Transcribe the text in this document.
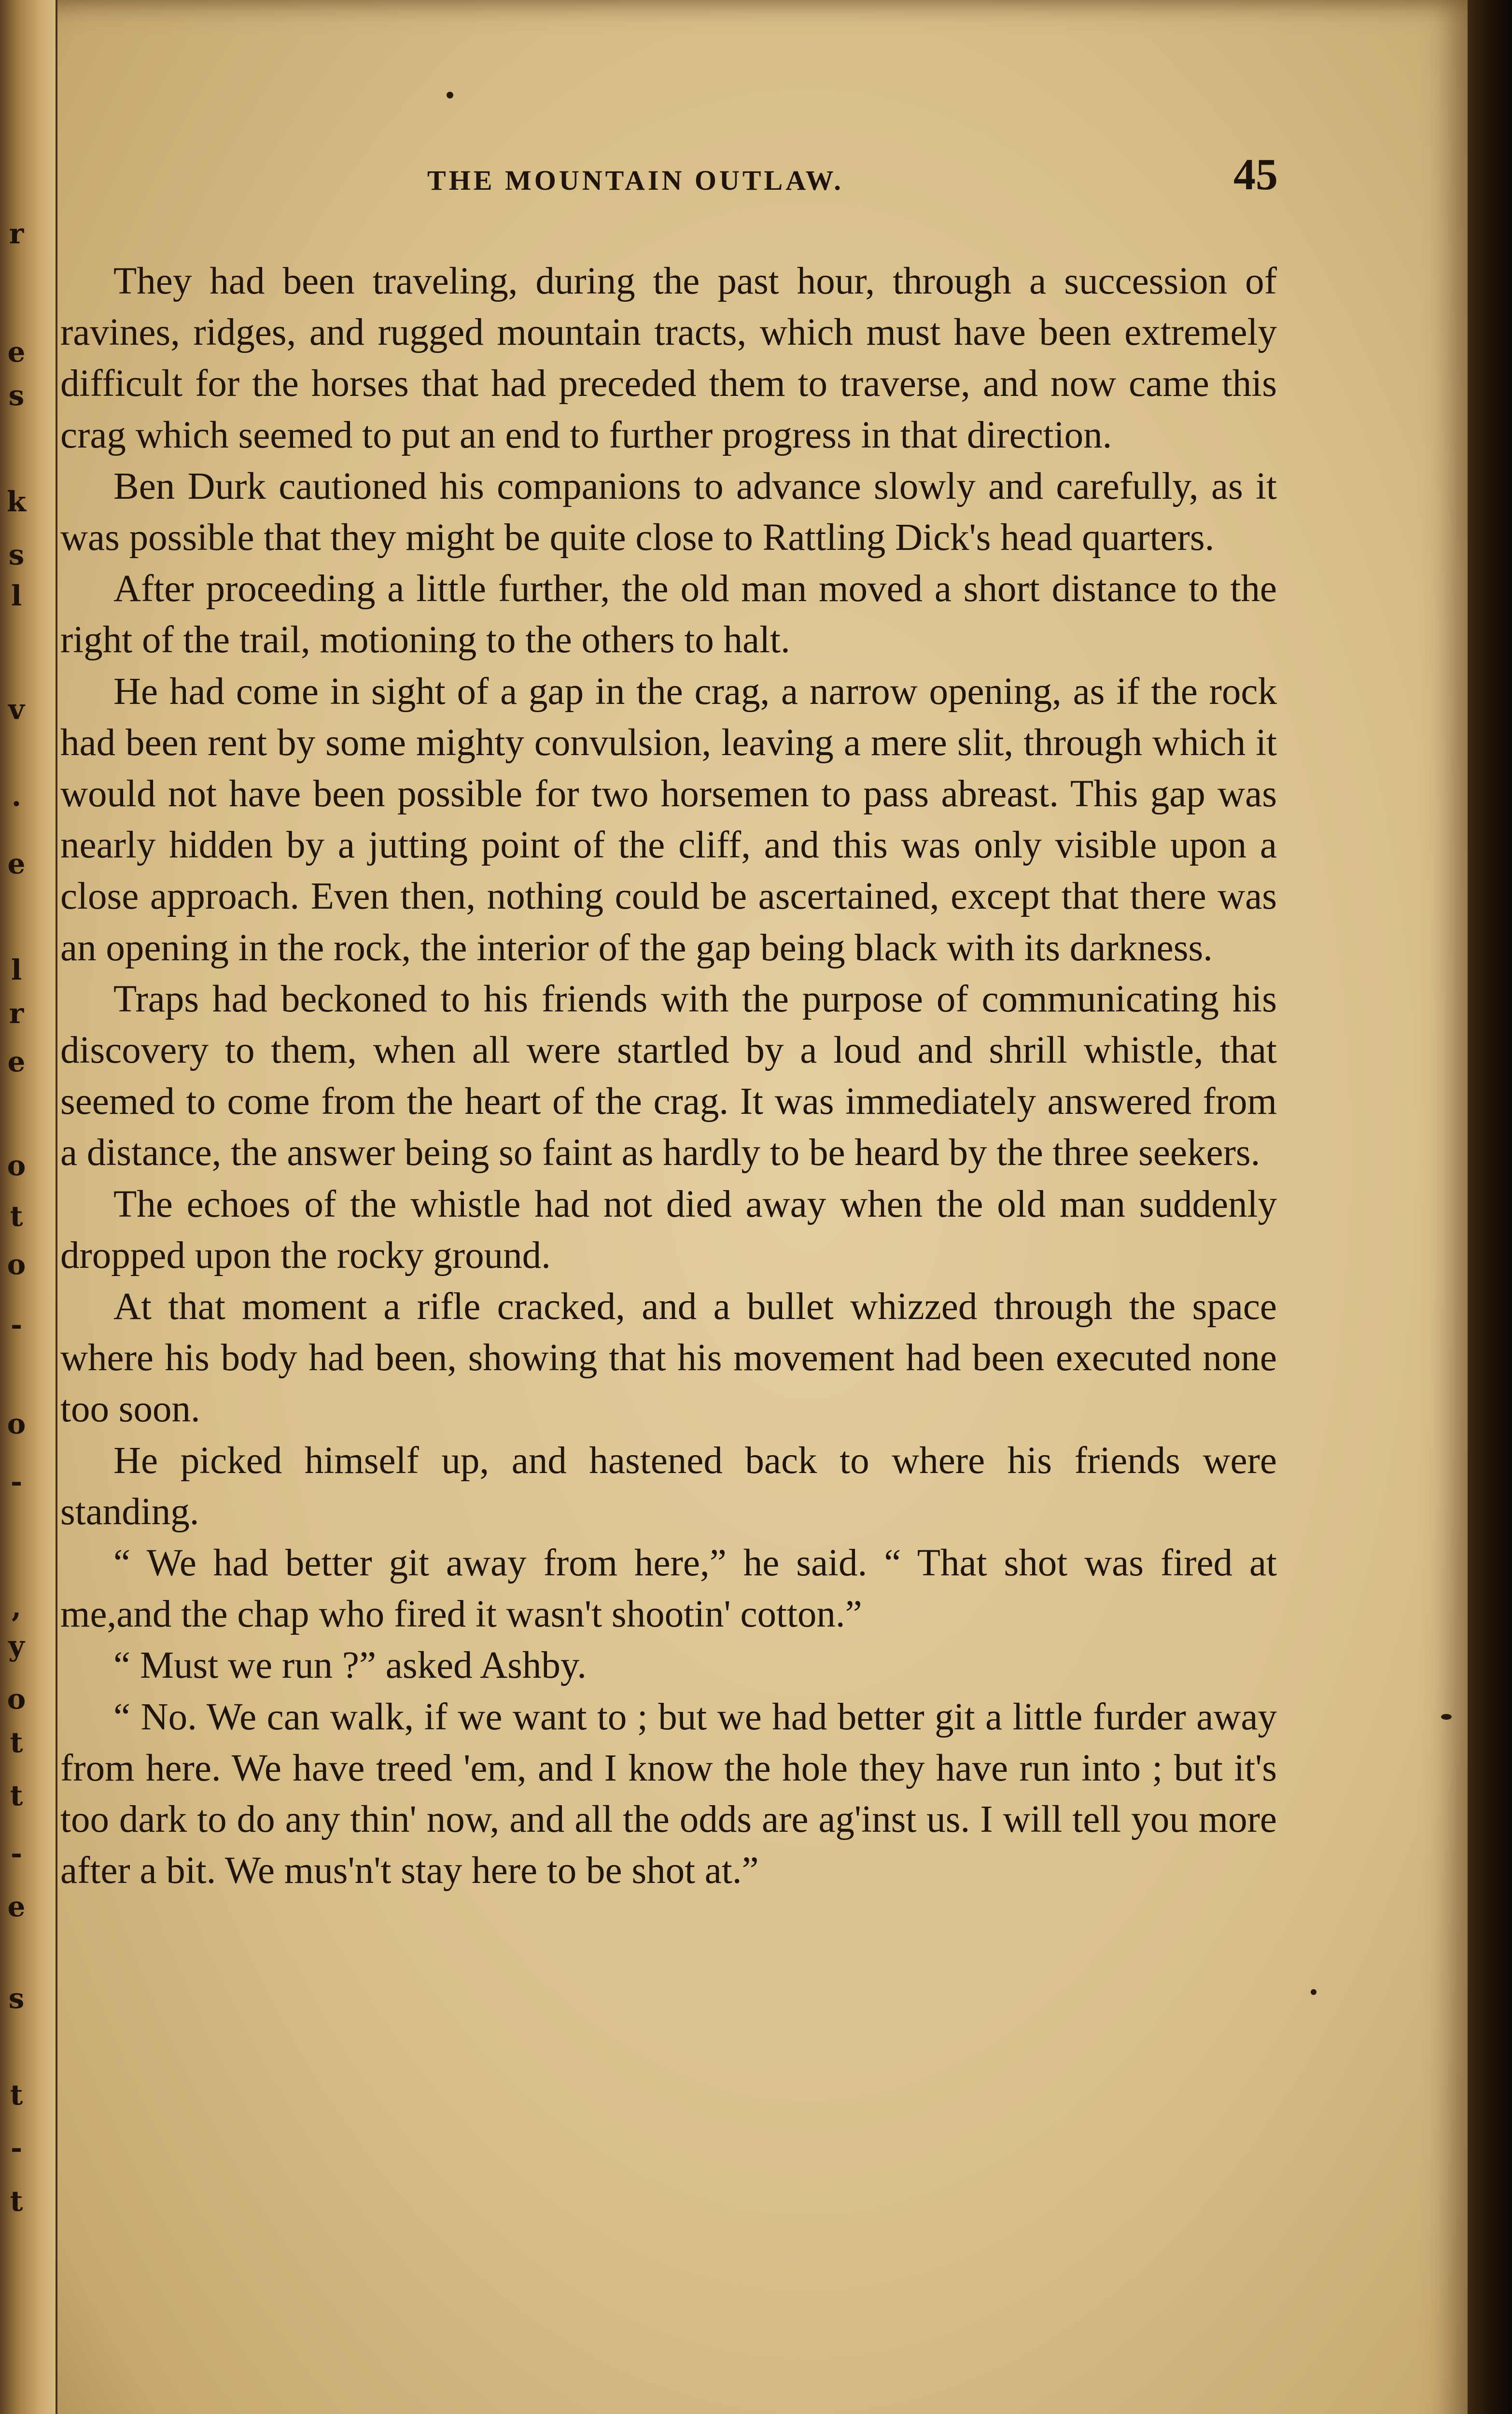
r
e
s
k
s
l
v
.
e
l
r
e
o
t
o
-
o
-
,
y
o
t
t
-
e
s
t
-
t
THE MOUNTAIN OUTLAW.	45

They had been traveling, during the past hour, through a succession of ravines, ridges, and rugged mountain tracts, which must have been extremely difficult for the horses that had preceded them to traverse, and now came this crag which seemed to put an end to further progress in that direction.

Ben Durk cautioned his companions to advance slowly and carefully, as it was possible that they might be quite close to Rattling Dick's head quarters.

After proceeding a little further, the old man moved a short distance to the right of the trail, motioning to the others to halt.

He had come in sight of a gap in the crag, a narrow opening, as if the rock had been rent by some mighty convulsion, leaving a mere slit, through which it would not have been possible for two horsemen to pass abreast. This gap was nearly hidden by a jutting point of the cliff, and this was only visible upon a close approach. Even then, nothing could be ascertained, except that there was an opening in the rock, the interior of the gap being black with its darkness.

Traps had beckoned to his friends with the purpose of communicating his discovery to them, when all were startled by a loud and shrill whistle, that seemed to come from the heart of the crag. It was immediately answered from a distance, the answer being so faint as hardly to be heard by the three seekers.

The echoes of the whistle had not died away when the old man suddenly dropped upon the rocky ground.

At that moment a rifle cracked, and a bullet whizzed through the space where his body had been, showing that his movement had been executed none too soon.

He picked himself up, and hastened back to where his friends were standing.

“ We had better git away from here,” he said. “ That shot was fired at me,and the chap who fired it wasn't shootin' cotton.”

“ Must we run ?” asked Ashby.

“ No. We can walk, if we want to ; but we had better git a little furder away from here. We have treed 'em, and I know the hole they have run into ; but it's too dark to do any thin' now, and all the odds are ag'inst us. I will tell you more after a bit. We mus'n't stay here to be shot at.”
